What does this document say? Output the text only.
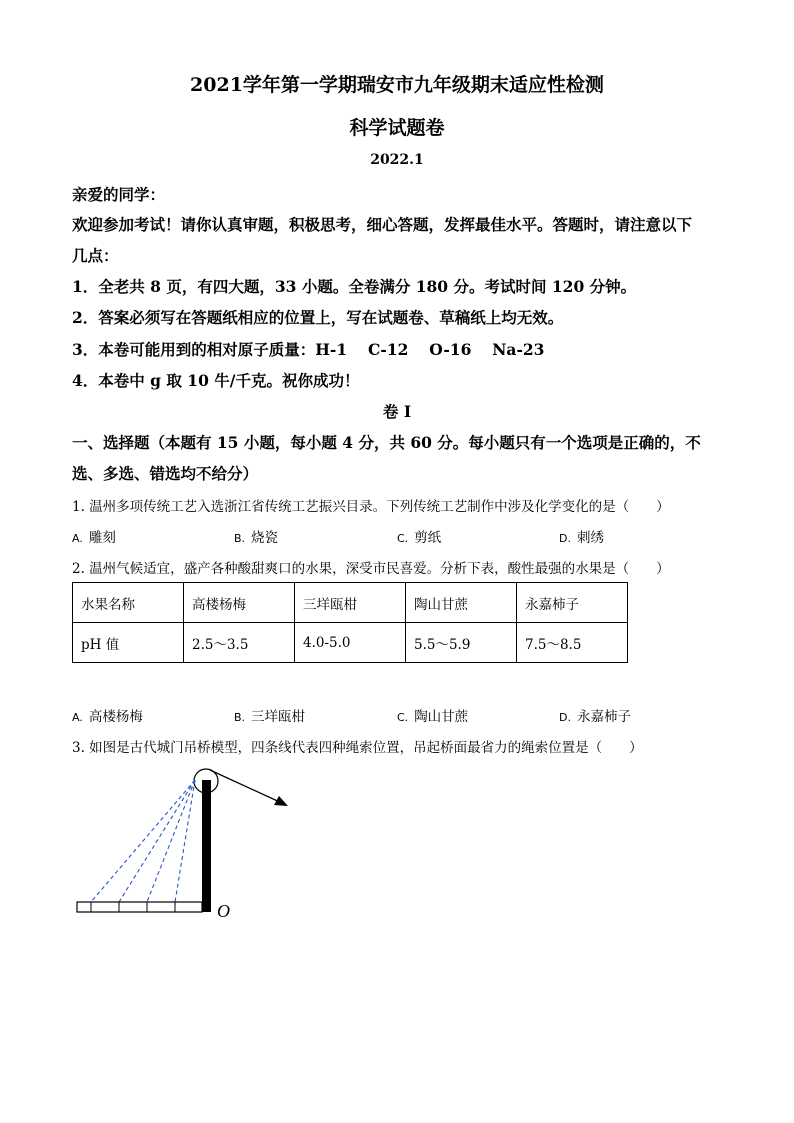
2021学年第一学期瑞安市九年级期末适应性检测
科学试题卷
2022.1
亲爱的同学：
欢迎参加考试！请你认真审题，积极思考，细心答题，发挥最佳水平。答题时，请注意以下
几点：
1．全老共 8 页，有四大题，33 小题。全卷满分 180 分。考试时间 120 分钟。
2．答案必须写在答题纸相应的位置上，写在试题卷、草稿纸上均无效。
3．本卷可能用到的相对原子质量：H-1　 C-12　 O-16　 Na-23
4．本卷中 g 取 10 牛/千克。祝你成功！
卷 I
一、选择题（本题有 15 小题，每小题 4 分，共 60 分。每小题只有一个选项是正确的，不
选、多选、错选均不给分）
1. 温州多项传统工艺入选浙江省传统工艺振兴目录。下列传统工艺制作中涉及化学变化的是（　　）
A. 雕刻	B. 烧瓷	C. 剪纸	D. 刺绣
2. 温州气候适宜，盛产各种酸甜爽口的水果，深受市民喜爱。分析下表，酸性最强的水果是（　　）
水果名称	高楼杨梅	三垟瓯柑	陶山甘蔗	永嘉柿子
pH 值	2.5～3.5	4.0-5.0	5.5～5.9	7.5～8.5
A. 高楼杨梅	B. 三垟瓯柑	C. 陶山甘蔗	D. 永嘉柿子
3. 如图是古代城门吊桥模型，四条线代表四种绳索位置，吊起桥面最省力的绳索位置是（　　）
O
